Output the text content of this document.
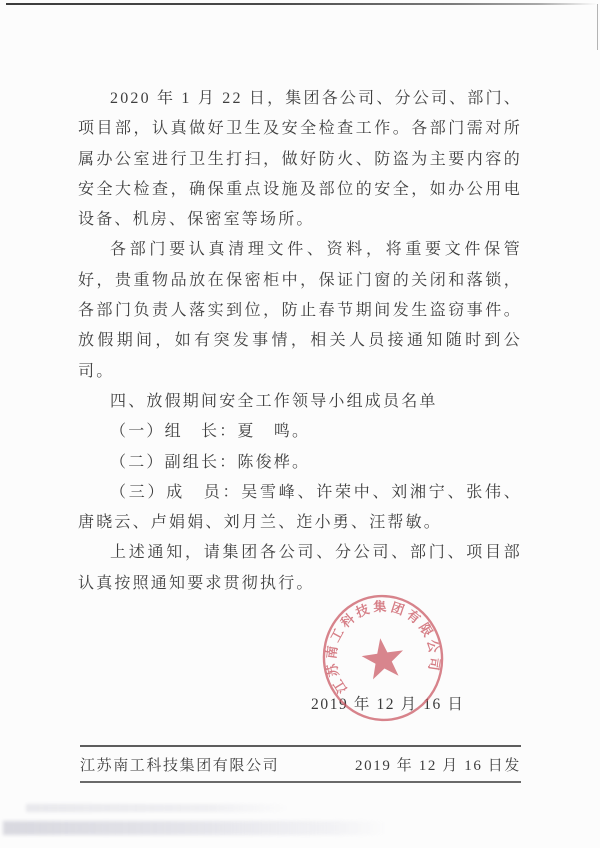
2020 年 1 月 22 日，集团各公司、分公司、部门、项目部，认真做好卫生及安全检查工作。各部门需对所属办公室进行卫生打扫，做好防火、防盗为主要内容的安全大检查，确保重点设施及部位的安全，如办公用电设备、机房、保密室等场所。

各部门要认真清理文件、资料，将重要文件保管好，贵重物品放在保密柜中，保证门窗的关闭和落锁，各部门负责人落实到位，防止春节期间发生盗窃事件。放假期间，如有突发事情，相关人员接通知随时到公司。

四、放假期间安全工作领导小组成员名单

（一）组　长：夏　鸣。

（二）副组长：陈俊桦。

（三）成　员：吴雪峰、许荣中、刘湘宁、张伟、唐晓云、卢娟娟、刘月兰、迮小勇、汪帮敏。

上述通知，请集团各公司、分公司、部门、项目部认真按照通知要求贯彻执行。

2019 年 12 月 16 日
江苏南工科技集团有限公司
江苏南工科技集团有限公司	2019 年 12 月 16 日发
